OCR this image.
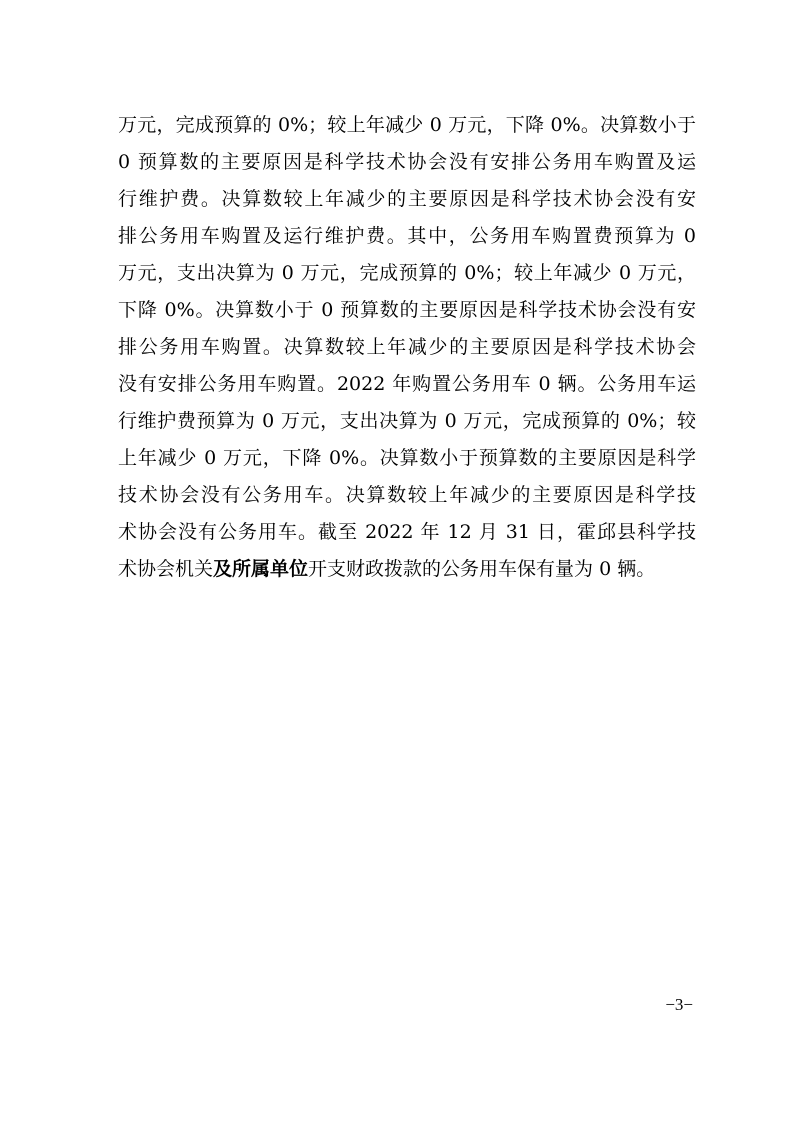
万元，完成预算的 0%；较上年减少 0 万元，下降 0%。决算数小于
0 预算数的主要原因是科学技术协会没有安排公务用车购置及运
行维护费。决算数较上年减少的主要原因是科学技术协会没有安
排公务用车购置及运行维护费。其中，公务用车购置费预算为 0
万元，支出决算为 0 万元，完成预算的 0%；较上年减少 0 万元，
下降 0%。决算数小于 0 预算数的主要原因是科学技术协会没有安
排公务用车购置。决算数较上年减少的主要原因是科学技术协会
没有安排公务用车购置。2022 年购置公务用车 0 辆。公务用车运
行维护费预算为 0 万元，支出决算为 0 万元，完成预算的 0%；较
上年减少 0 万元，下降 0%。决算数小于预算数的主要原因是科学
技术协会没有公务用车。决算数较上年减少的主要原因是科学技
术协会没有公务用车。截至 2022 年 12 月 31 日，霍邱县科学技
术协会机关及所属单位开支财政拨款的公务用车保有量为 0 辆。
−3−
